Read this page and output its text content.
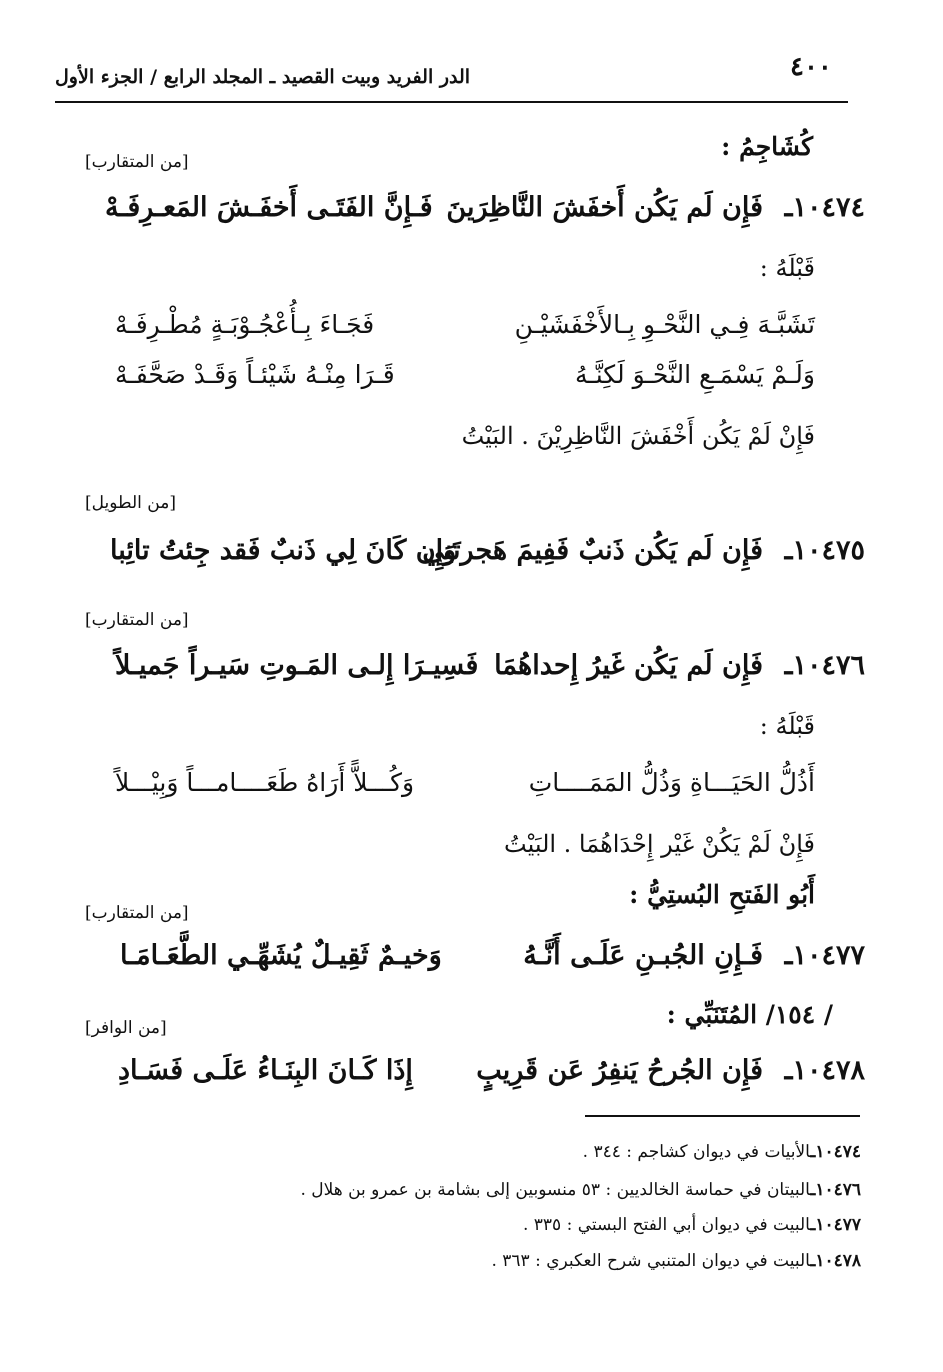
٤٠٠
الدر الفريد وبيت القصيد ـ المجلد الرابع / الجزء الأول
كُشَاجِمُ :
[من المتقارب]
١٠٤٧٤ـ
فَإِن لَم يَكُن أَخفَشَ النَّاظِرَينَ
فَـإِنَّ الفَتَـى أَخفَـشَ المَعـرِفَـهْ
قَبْلَهُ :
تَشَبَّـهَ فِـي النَّحْـوِ بِـالأَخْفَشَيْـنِ
فَجَـاءَ بِـأُعْجُـوْبَـةٍ مُطْـرِفَـهْ
وَلَـمْ يَسْمَـعِ النَّحْـوَ لَكِنَّـهُ
قَـرَا مِنْـهُ شَيْئـاً وَقَـدْ صَحَّفَـهْ
فَإِنْ لَمْ يَكُن أَخْفَشَ النَّاظِرِيْنَ . البَيْتُ
[من الطويل]
١٠٤٧٥ـ
فَإِن لَم يَكُن ذَنبٌ فَفِيمَ هَجرتَنِي
وَإِن كَانَ لِي ذَنبٌ فَقد جِئتُ تائِبا
[من المتقارب]
١٠٤٧٦ـ
فَإِن لَم يَكُن غَيرُ إِحداهُمَا
فَسِيـرَا إِلـى المَـوتِ سَيـراً جَميـلاً
قَبْلَهُ :
أَذُلُّ الحَيَـــاةِ وَذُلُّ المَمَــــاتِ
وَكُـــلاًّ أَرَاهُ طَعَــــامـــاً وَبِيْـــلاً
فَإِنْ لَمْ يَكُنْ غَيْر إِحْدَاهُمَا . البَيْتُ
أَبُو الفَتحِ البُستِيُّ :
[من المتقارب]
١٠٤٧٧ـ
فَـإِنِ الجُبـنِ عَلَـى أَنَّـهُ
وَخيـمٌ ثَقِيـلٌ يُشَهِّـي الطَّعَـامَـا
/ ١٥٤/ المُتَنَبِّي :
[من الوافر]
١٠٤٧٨ـ
فَإِن الجُرحُ يَنفِرُ عَن قَرِيبٍ
إِذَا كَـانَ البِنَـاءُ عَلَـى فَسَـادِ
١٠٤٧٤ـالأبيات في ديوان كشاجم : ٣٤٤ .
١٠٤٧٦ـالبيتان في حماسة الخالديين : ٥٣ منسوبين إلى بشامة بن عمرو بن هلال .
١٠٤٧٧ـالبيت في ديوان أبي الفتح البستي : ٣٣٥ .
١٠٤٧٨ـالبيت في ديوان المتنبي شرح العكبري : ٣٦٣ .
